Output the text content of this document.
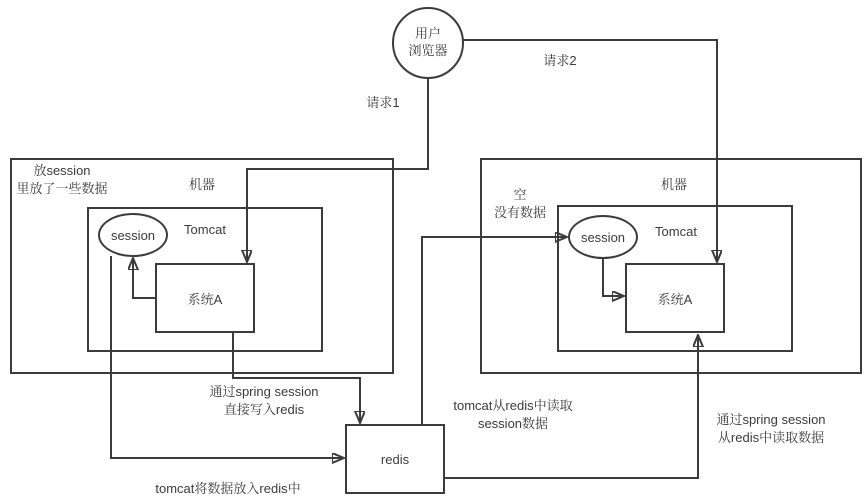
用户
浏览器
session
系统A
session
系统A
redis
机器
放session
里放了一些数据
Tomcat
机器
空
没有数据
Tomcat
请求1
请求2
通过spring session
直接写入redis
tomcat将数据放入redis中
tomcat从redis中读取
session数据	通过spring session
从redis中读取数据
